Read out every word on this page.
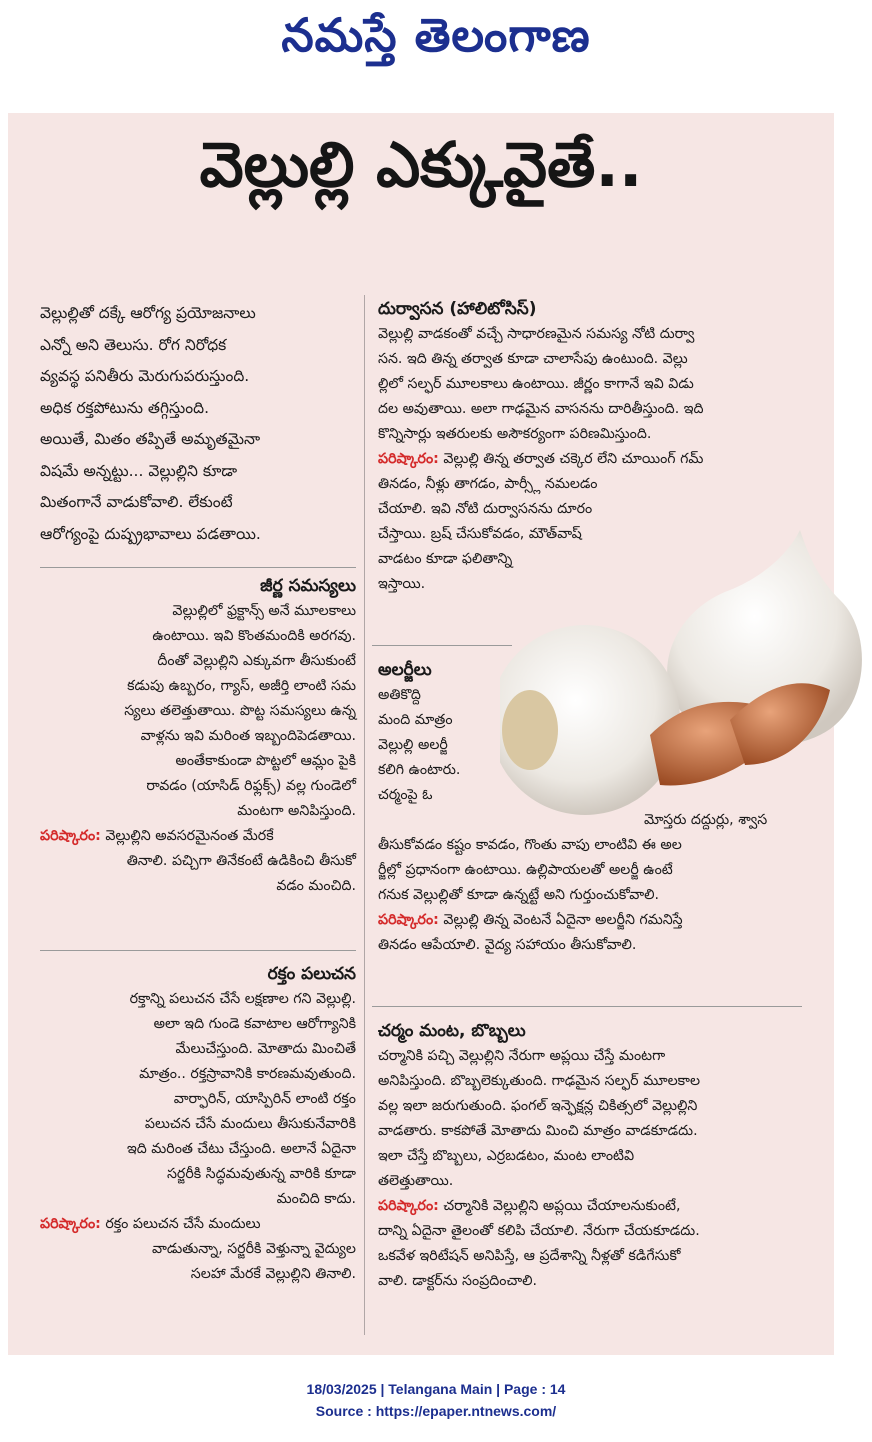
నమస్తే తెలంగాణ
వెల్లుల్లి ఎక్కువైతే..

వెల్లుల్లితో దక్కే ఆరోగ్య ప్రయోజనాలు

ఎన్నో అని తెలుసు. రోగ నిరోధక

వ్యవస్థ పనితీరు మెరుగుపరుస్తుంది.

అధిక రక్తపోటును తగ్గిస్తుంది.

అయితే, మితం తప్పితే అమృతమైనా

విషమే అన్నట్టు... వెల్లుల్లిని కూడా

మితంగానే వాడుకోవాలి. లేకుంటే

ఆరోగ్యంపై దుష్ప్రభావాలు పడతాయి.

జీర్ణ సమస్యలు

వెల్లుల్లిలో ఫ్రక్టాన్స్ అనే మూలకాలు

ఉంటాయి. ఇవి కొంతమందికి అరగవు.

దీంతో వెల్లుల్లిని ఎక్కువగా తీసుకుంటే

కడుపు ఉబ్బరం, గ్యాస్, అజీర్తి లాంటి సమ

స్యలు తలెత్తుతాయి. పొట్ట సమస్యలు ఉన్న

వాళ్లను ఇవి మరింత ఇబ్బందిపెడతాయి.

అంతేకాకుండా పొట్టలో ఆమ్లం పైకి

రావడం (యాసిడ్ రిఫ్లక్స్) వల్ల గుండెలో

మంటగా అనిపిస్తుంది.

పరిష్కారం: వెల్లుల్లిని అవసరమైనంత మేరకే

తినాలి. పచ్చిగా తినేకంటే ఉడికించి తీసుకో

వడం మంచిది.

రక్తం పలుచన

రక్తాన్ని పలుచన చేసే లక్షణాల గని వెల్లుల్లి.

అలా ఇది గుండె కవాటాల ఆరోగ్యానికి

మేలుచేస్తుంది. మోతాదు మించితే

మాత్రం.. రక్తస్రావానికి కారణమవుతుంది.

వార్ఫారిన్, యాస్పిరిన్ లాంటి రక్తం

పలుచన చేసే మందులు తీసుకునేవారికి

ఇది మరింత చేటు చేస్తుంది. అలానే ఏదైనా

సర్జరీకి సిద్ధమవుతున్న వారికి కూడా

మంచిది కాదు.

పరిష్కారం: రక్తం పలుచన చేసే మందులు

వాడుతున్నా, సర్జరీకి వెళ్తున్నా వైద్యుల

సలహా మేరకే వెల్లుల్లిని తినాలి.

దుర్వాసన (హాలిటోసిస్)

వెల్లుల్లి వాడకంతో వచ్చే సాధారణమైన సమస్య నోటి దుర్వా

సన. ఇది తిన్న తర్వాత కూడా చాలాసేపు ఉంటుంది. వెల్లు

ల్లిలో సల్ఫర్ మూలకాలు ఉంటాయి. జీర్ణం కాగానే ఇవి విడు

దల అవుతాయి. అలా గాఢమైన వాసనను దారితీస్తుంది. ఇది

కొన్నిసార్లు ఇతరులకు అసౌకర్యంగా పరిణమిస్తుంది.

పరిష్కారం: వెల్లుల్లి తిన్న తర్వాత చక్కెర లేని చూయింగ్ గమ్

తినడం, నీళ్లు తాగడం, పార్స్లీ నమలడం

చేయాలి. ఇవి నోటి దుర్వాసనను దూరం

చేస్తాయి. బ్రష్ చేసుకోవడం, మౌత్‌వాష్

వాడటం కూడా ఫలితాన్ని

ఇస్తాయి.

అలర్జీలు

అతికొద్ది

మంది మాత్రం

వెల్లుల్లి అలర్జీ

కలిగి ఉంటారు.

చర్మంపై ఓ

మోస్తరు దద్దుర్లు, శ్వాస

తీసుకోవడం కష్టం కావడం, గొంతు వాపు లాంటివి ఈ అల

ర్జీల్లో ప్రధానంగా ఉంటాయి. ఉల్లిపాయలతో అలర్జీ ఉంటే

గనుక వెల్లుల్లితో కూడా ఉన్నట్టే అని గుర్తుంచుకోవాలి.

పరిష్కారం: వెల్లుల్లి తిన్న వెంటనే ఏదైనా అలర్జీని గమనిస్తే

తినడం ఆపేయాలి. వైద్య సహాయం తీసుకోవాలి.

చర్మం మంట, బొబ్బలు

చర్మానికి పచ్చి వెల్లుల్లిని నేరుగా అప్లయి చేస్తే మంటగా

అనిపిస్తుంది. బొబ్బలెక్కుతుంది. గాఢమైన సల్ఫర్ మూలకాల

వల్ల ఇలా జరుగుతుంది. ఫంగల్ ఇన్ఫెక్షన్ల చికిత్సలో వెల్లుల్లిని

వాడతారు. కాకపోతే మోతాదు మించి మాత్రం వాడకూడదు.

ఇలా చేస్తే బొబ్బలు, ఎర్రబడటం, మంట లాంటివి

తలెత్తుతాయి.

పరిష్కారం: చర్మానికి వెల్లుల్లిని అప్లయి చేయాలనుకుంటే,

దాన్ని ఏదైనా తైలంతో కలిపి చేయాలి. నేరుగా చేయకూడదు.

ఒకవేళ ఇరిటేషన్ అనిపిస్తే, ఆ ప్రదేశాన్ని నీళ్లతో కడిగేసుకో

వాలి. డాక్టర్‌ను సంప్రదించాలి.

18/03/2025 | Telangana Main | Page : 14
Source : https://epaper.ntnews.com/
